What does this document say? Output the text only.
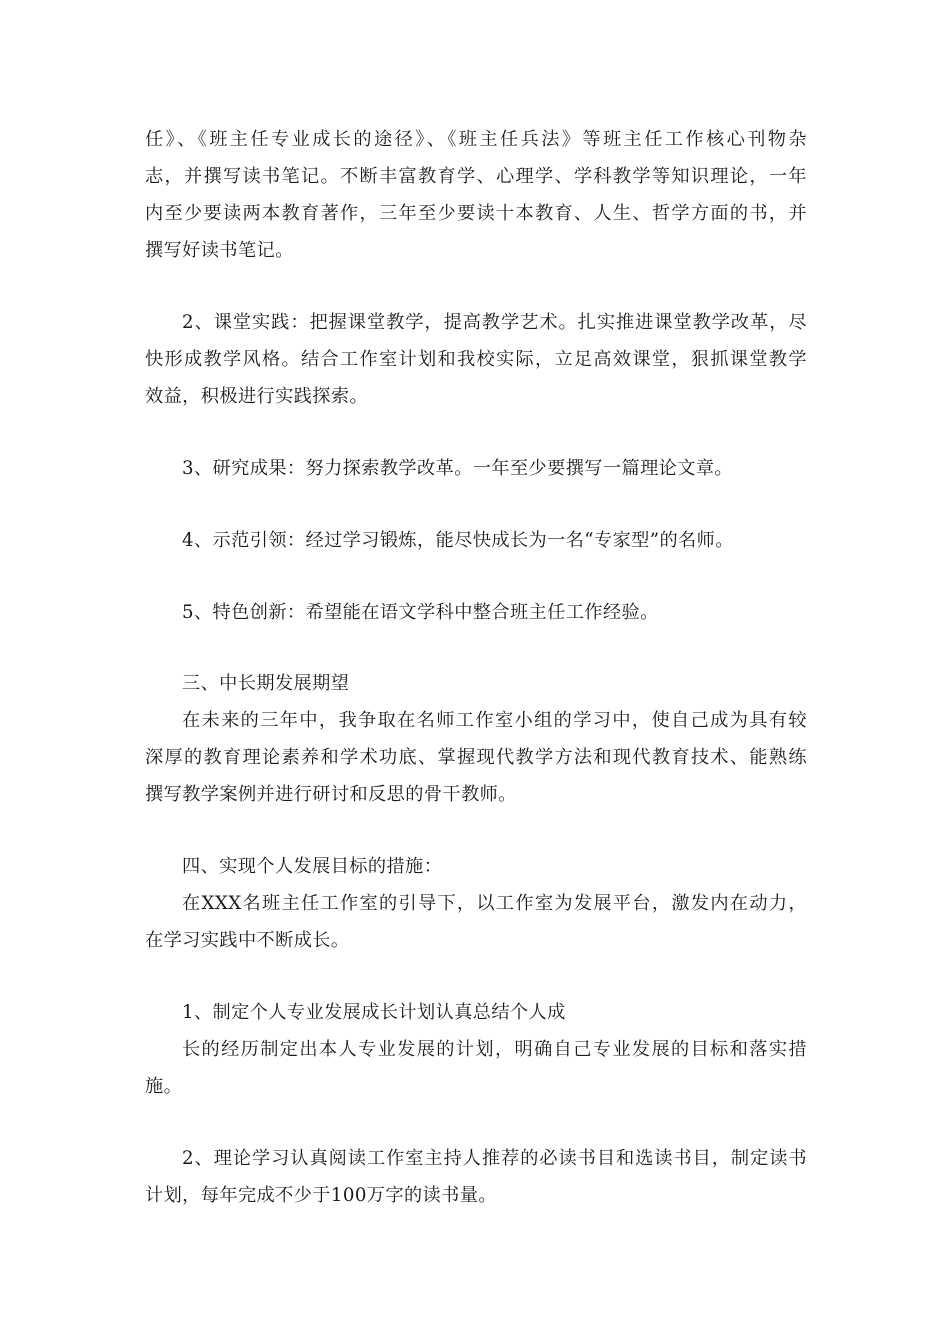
任》、《班主任专业成长的途径》、《班主任兵法》等班主任工作核心刊物杂
志，并撰写读书笔记。不断丰富教育学、心理学、学科教学等知识理论，一年
内至少要读两本教育著作，三年至少要读十本教育、人生、哲学方面的书，并
撰写好读书笔记。
2、课堂实践：把握课堂教学，提高教学艺术。扎实推进课堂教学改革，尽
快形成教学风格。结合工作室计划和我校实际，立足高效课堂，狠抓课堂教学
效益，积极进行实践探索。
3、研究成果：努力探索教学改革。一年至少要撰写一篇理论文章。
4、示范引领：经过学习锻炼，能尽快成长为一名“专家型”的名师。
5、特色创新：希望能在语文学科中整合班主任工作经验。
三、中长期发展期望
在未来的三年中，我争取在名师工作室小组的学习中，使自己成为具有较
深厚的教育理论素养和学术功底、掌握现代教学方法和现代教育技术、能熟练
撰写教学案例并进行研讨和反思的骨干教师。
四、实现个人发展目标的措施：
在XXX名班主任工作室的引导下，以工作室为发展平台，激发内在动力，
在学习实践中不断成长。
1、制定个人专业发展成长计划认真总结个人成
长的经历制定出本人专业发展的计划，明确自己专业发展的目标和落实措
施。
2、理论学习认真阅读工作室主持人推荐的必读书目和选读书目，制定读书
计划，每年完成不少于100万字的读书量。
